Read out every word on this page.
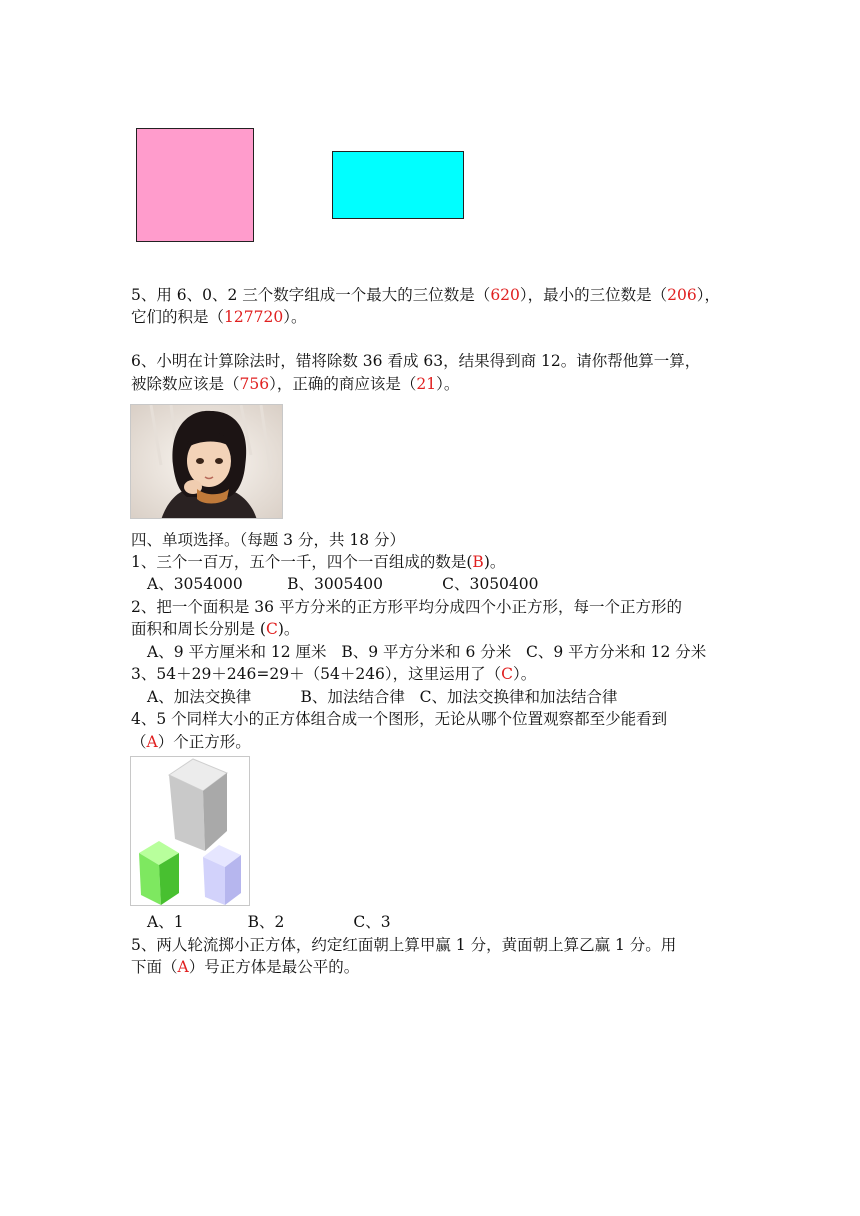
5、用 6、0、2 三个数字组成一个最大的三位数是（620），最小的三位数是（206），
它们的积是（127720）。
6、小明在计算除法时，错将除数 36 看成 63，结果得到商 12。请你帮他算一算，
被除数应该是（756），正确的商应该是（21）。
四、单项选择。（每题 3 分，共 18 分）
1、三个一百万，五个一千，四个一百组成的数是(B)。
A、3054000         B、3005400            C、3050400
2、把一个面积是 36 平方分米的正方形平均分成四个小正方形，每一个正方形的
面积和周长分别是 (C)。
A、9 平方厘米和 12 厘米   B、9 平方分米和 6 分米   C、9 平方分米和 12 分米
3、54＋29＋246=29＋（54＋246），这里运用了（C）。
A、加法交换律          B、加法结合律   C、加法交换律和加法结合律
4、5 个同样大小的正方体组合成一个图形，无论从哪个位置观察都至少能看到
（A）个正方形。
A、1             B、2              C、3
5、两人轮流掷小正方体，约定红面朝上算甲赢 1 分，黄面朝上算乙赢 1 分。用
下面（A）号正方体是最公平的。
